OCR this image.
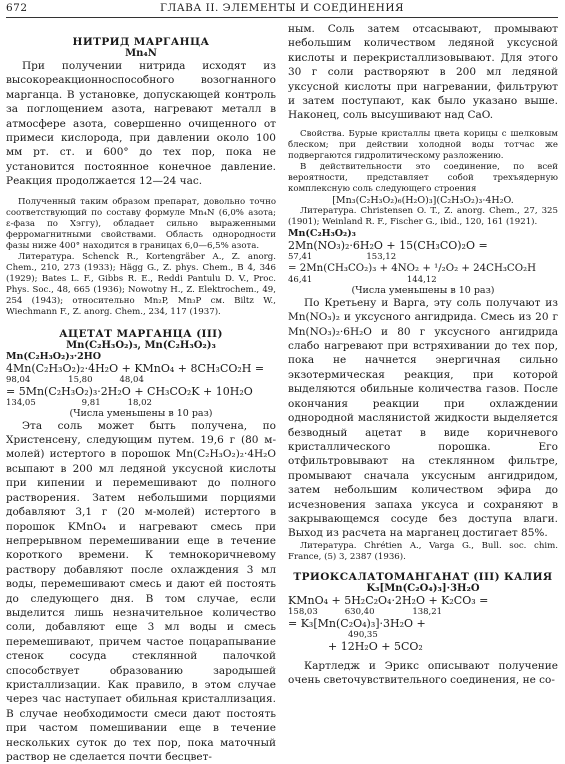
672	ГЛАВА II. ЭЛЕМЕНТЫ И СОЕДИНЕНИЯ

НИТРИД МАРГАНЦА

Mn₄N

При получении нитрида исходят из высокореакционноспособного возогнанного марганца. В установке, допускающей контроль за поглощением азота, нагревают металл в атмосфере азота, совершенно очищенного от примеси кислорода, при давлении около 100 мм рт. ст. и 600° до тех пор, пока не установится постоянное конечное давление. Реакция продолжается 12—24 час.

Полученный таким образом препарат, довольно точно соответствующий по составу формуле Mn₄N (6,0% азота; ε-фаза по Хэггу), обладает сильно выраженными ферромагнитными свойствами. Область однородности фазы ниже 400° находится в границах 6,0—6,5% азота.

Литература. Schenck R., Kortengräber A., Z. anorg. Chem., 210, 273 (1933); Hägg G., Z. phys. Chem., B 4, 346 (1929); Bates L. F., Gibbs R. E., Reddi Pantulu D. V., Proc. Phys. Soc., 48, 665 (1936); Nowotny H., Z. Elektrochem., 49, 254 (1943); относительно Mn₂P, Mn₃P см. Biltz W., Wiechmann F., Z. anorg. Chem., 234, 117 (1937).

АЦЕТАТ МАРГАНЦА (III)

Mn(C₂H₃O₂)₃, Mn(C₂H₃O₂)₃

Mn(C₂H₃O₂)₃·2HO

4Mn(C₂H₃O₂)₂·4H₂O + KMnO₄ + 8CH₃CO₂H =

98,04              15,80          48,04

= 5Mn(C₂H₃O₂)₃·2H₂O + CH₃CO₂K + 10H₂O

134,05                 9,81          18,02

(Числа уменьшены в 10 раз)

Эта соль может быть получена, по Христенсену, следующим путем. 19,6 г (80 м-молей) истертого в порошок Mn(C₂H₃O₂)₂·4H₂O всыпают в 200 мл ледяной уксусной кислоты при кипении и перемешивают до полного растворения. Затем небольшими порциями добавляют 3,1 г (20 м-молей) истертого в порошок KMnO₄ и нагревают смесь при непрерывном перемешивании еще в течение короткого времени. К темнокоричневому раствору добавляют после охлаждения 3 мл воды, перемешивают смесь и дают ей постоять до следующего дня. В том случае, если выделится лишь незначительное количество соли, добавляют еще 3 мл воды и смесь перемешивают, причем частое поцарапывание стенок сосуда стеклянной палочкой способствует образованию зародышей кристаллизации. Как правило, в этом случае через час наступает обильная кристаллизация. В случае необходимости смеси дают постоять при частом помешивании еще в течение нескольких суток до тех пор, пока маточный раствор не сделается почти бесцвет-

ным. Соль затем отсасывают, промывают небольшим количеством ледяной уксусной кислоты и перекристаллизовывают. Для этого 30 г соли растворяют в 200 мл ледяной уксусной кислоты при нагревании, фильтруют и затем поступают, как было указано выше. Наконец, соль высушивают над CaO.

Свойства. Бурые кристаллы цвета корицы с шелковым блеском; при действии холодной воды тотчас же подвергаются гидролитическому разложению.

В действительности это соединение, по всей вероятности, представляет собой трехъядерную комплексную соль следующего строения

[Mn₃(C₂H₃O₂)₆(H₂O)₃](C₂H₃O₂)₃·4H₂O.

Литература. Christensen O. T., Z. anorg. Chem., 27, 325 (1901); Weinland R. F., Fischer G., ibid., 120, 161 (1921).

Mn(C₂H₃O₂)₃

2Mn(NO₃)₂·6H₂O + 15(CH₃CO)₂O =

57,41                    153,12

= 2Mn(CH₃CO₂)₃ + 4NO₂ + ¹/₂O₂ + 24CH₃CO₂H

46,41                                   144,12

(Числа уменьшены в 10 раз)

По Кретьену и Варга, эту соль получают из Mn(NO₃)₂ и уксусного ангидрида. Смесь из 20 г Mn(NO₃)₂·6H₂O и 80 г уксусного ангидрида слабо нагревают при встряхивании до тех пор, пока не начнется энергичная сильно экзотермическая реакция, при которой выделяются обильные количества газов. После окончания реакции при охлаждении однородной маслянистой жидкости выделяется безводный ацетат в виде коричневого кристаллического порошка. Его отфильтровывают на стеклянном фильтре, промывают сначала уксусным ангидридом, затем небольшим количеством эфира до исчезновения запаха уксуса и сохраняют в закрывающемся сосуде без доступа влаги. Выход из расчета на марганец достигает 85%.

Литература. Chrétien A., Varga G., Bull. soc. chim. France, (5) 3, 2387 (1936).

ТРИОКСАЛАТОМАНГАНАТ (III) КАЛИЯ

K₃[Mn(C₂O₄)₃]·3H₂O

KMnO₄ + 5H₂C₂O₄·2H₂O + K₂CO₃ =

158,03          630,40              138,21

= K₃[Mn(C₂O₄)₃]·3H₂O +

490,35

+ 12H₂O + 5CO₂

Картледж и Эрикс описывают получение очень светочувствительного соединения, не со-
